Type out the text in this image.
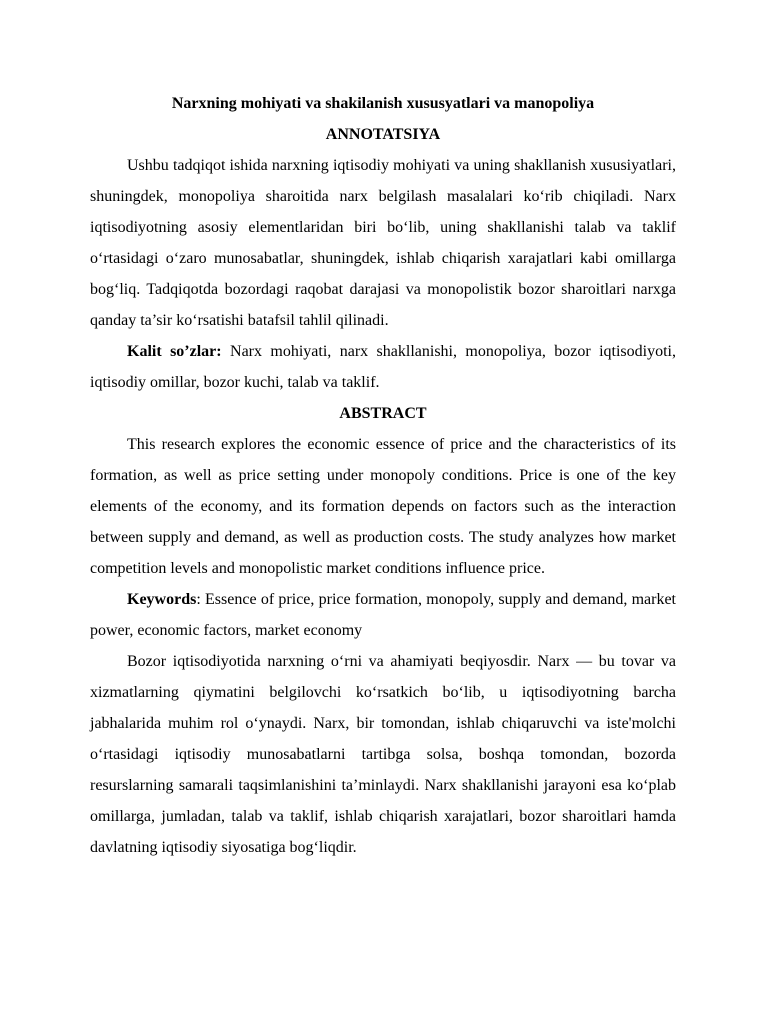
Narxning mohiyati va shakilanish xususyatlari va manopoliya

ANNOTATSIYA

Ushbu tadqiqot ishida narxning iqtisodiy mohiyati va uning shakllanish xususiyatlari, shuningdek, monopoliya sharoitida narx belgilash masalalari ko‘rib chiqiladi. Narx iqtisodiyotning asosiy elementlaridan biri bo‘lib, uning shakllanishi talab va taklif o‘rtasidagi o‘zaro munosabatlar, shuningdek, ishlab chiqarish xarajatlari kabi omillarga bog‘liq. Tadqiqotda bozordagi raqobat darajasi va monopolistik bozor sharoitlari narxga qanday ta’sir ko‘rsatishi batafsil tahlil qilinadi.

Kalit so’zlar: Narx mohiyati, narx shakllanishi, monopoliya, bozor iqtisodiyoti, iqtisodiy omillar, bozor kuchi, talab va taklif.

ABSTRACT

This research explores the economic essence of price and the characteristics of its formation, as well as price setting under monopoly conditions. Price is one of the key elements of the economy, and its formation depends on factors such as the interaction between supply and demand, as well as production costs. The study analyzes how market competition levels and monopolistic market conditions influence price.

Keywords: Essence of price, price formation, monopoly, supply and demand, market power, economic factors, market economy

Bozor iqtisodiyotida narxning o‘rni va ahamiyati beqiyosdir. Narx — bu tovar va xizmatlarning qiymatini belgilovchi ko‘rsatkich bo‘lib, u iqtisodiyotning barcha jabhalarida muhim rol o‘ynaydi. Narx, bir tomondan, ishlab chiqaruvchi va iste'molchi o‘rtasidagi iqtisodiy munosabatlarni tartibga solsa, boshqa tomondan, bozorda resurslarning samarali taqsimlanishini ta’minlaydi. Narx shakllanishi jarayoni esa ko‘plab omillarga, jumladan, talab va taklif, ishlab chiqarish xarajatlari, bozor sharoitlari hamda davlatning iqtisodiy siyosatiga bog‘liqdir.
